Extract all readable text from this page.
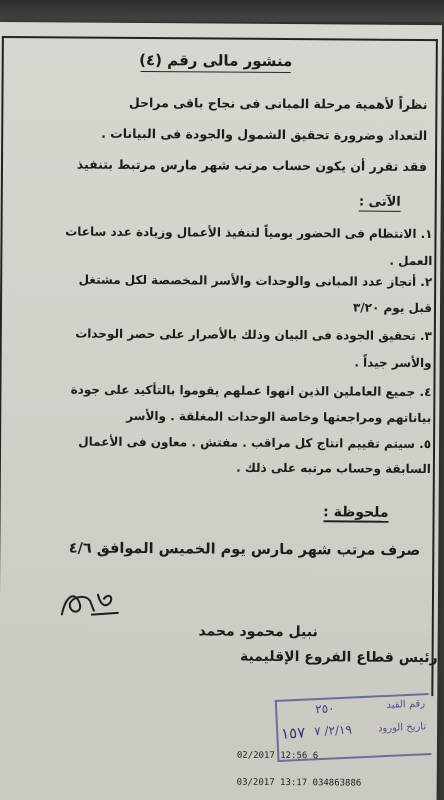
منشور مالى رقم (٤)
نظراً لأهمية مرحلة المبانى فى نجاح باقى مراحل
التعداد وضرورة تحقيق الشمول والجودة فى البيانات .
فقد تقرر أن يكون حساب مرتب شهر مارس مرتبط بتنفيذ
الآتى :
١. الانتظام فى الحضور يومياً لتنفيذ الأعمال وزيادة عدد ساعات
العمل .
٢. أنجاز عدد المبانى والوحدات والأسر المخصصة لكل مشتغل
قبل يوم ٣/٢٠
٣. تحقيق الجودة فى البيان وذلك بالأصرار على حصر الوحدات
والأسر جيداً .
٤. جميع العاملين الذين انهوا عملهم يقوموا بالتأكيد على جودة
بياناتهم ومراجعتها وخاصة الوحدات المغلقة . والأسر
٥. سيتم تقييم انتاج كل مراقب . مفتش . معاون فى الأعمال
السابقة وحساب مرتبه على ذلك .
ملحوظة :
صرف مرتب شهر مارس يوم الخميس الموافق ٤/٦
نبيل محمود محمد
رئيس قطاع الفروع الإقليمية
رقم القيد
٢٥٠
تاريخ الورود
٢/١٩/ ٧
١٥٧
02/2017 12:56 6
03/2017 13:17 034863886
